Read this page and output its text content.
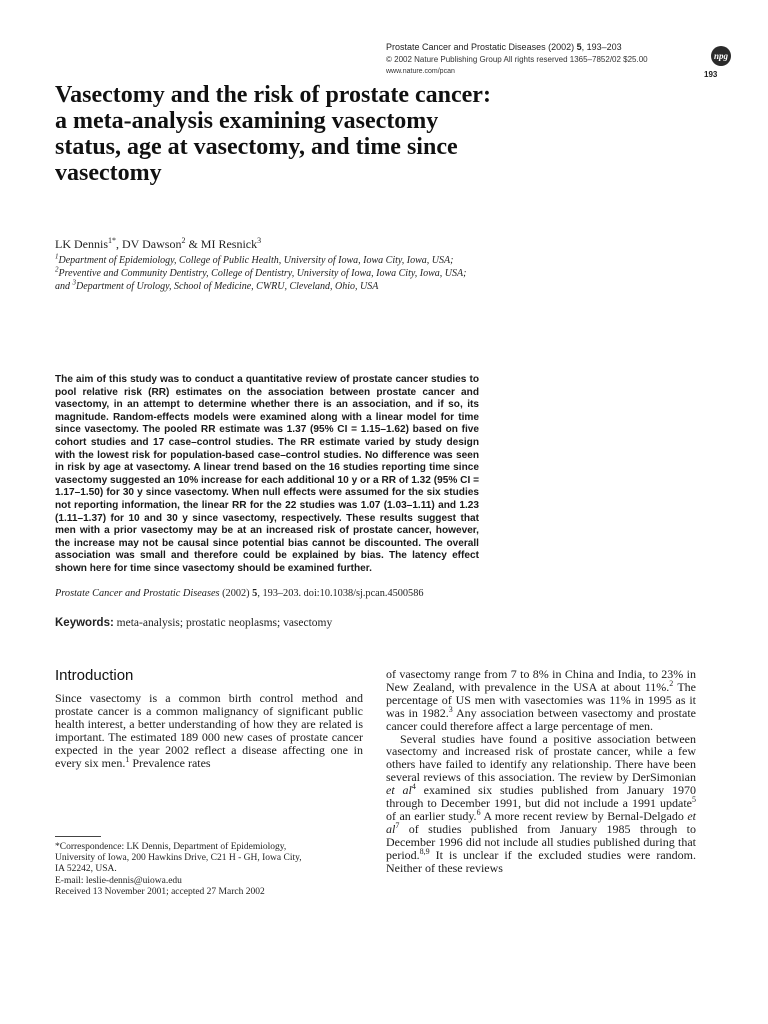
Prostate Cancer and Prostatic Diseases (2002) 5, 193–203
© 2002 Nature Publishing Group All rights reserved 1365–7852/02 $25.00
www.nature.com/pcan
npg
193
Vasectomy and the risk of prostate cancer: a meta-analysis examining vasectomy status, age at vasectomy, and time since vasectomy
LK Dennis$^{1*}$, DV Dawson$^2$ & MI Resnick$^3$
$^1$Department of Epidemiology, College of Public Health, University of Iowa, Iowa City, Iowa, USA; $^2$Preventive and Community Dentistry, College of Dentistry, University of Iowa, Iowa City, Iowa, USA; and $^3$Department of Urology, School of Medicine, CWRU, Cleveland, Ohio, USA
The aim of this study was to conduct a quantitative review of prostate cancer studies to pool relative risk (RR) estimates on the association between prostate cancer and vasectomy, in an attempt to determine whether there is an association, and if so, its magnitude. Random-effects models were examined along with a linear model for time since vasectomy. The pooled RR estimate was 1.37 (95% CI = 1.15–1.62) based on five cohort studies and 17 case–control studies. The RR estimate varied by study design with the lowest risk for population-based case–control studies. No difference was seen in risk by age at vasectomy. A linear trend based on the 16 studies reporting time since vasectomy suggested an 10% increase for each additional 10 y or a RR of 1.32 (95% CI = 1.17–1.50) for 30 y since vasectomy. When null effects were assumed for the six studies not reporting information, the linear RR for the 22 studies was 1.07 (1.03–1.11) and 1.23 (1.11–1.37) for 10 and 30 y since vasectomy, respectively. These results suggest that men with a prior vasectomy may be at an increased risk of prostate cancer, however, the increase may not be causal since potential bias cannot be discounted. The overall association was small and therefore could be explained by bias. The latency effect shown here for time since vasectomy should be examined further.
Prostate Cancer and Prostatic Diseases (2002) 5, 193–203. doi:10.1038/sj.pcan.4500586
Keywords: meta-analysis; prostatic neoplasms; vasectomy
Introduction

Since vasectomy is a common birth control method and prostate cancer is a common malignancy of significant public health interest, a better understanding of how they are related is important. The estimated 189 000 new cases of prostate cancer expected in the year 2002 reflect a disease affecting one in every six men.$^1$ Prevalence rates

of vasectomy range from 7 to 8% in China and India, to 23% in New Zealand, with prevalence in the USA at about 11%.$^2$ The percentage of US men with vasectomies was 11% in 1995 as it was in 1982.$^3$ Any association between vasectomy and prostate cancer could therefore affect a large percentage of men.

Several studies have found a positive association between vasectomy and increased risk of prostate cancer, while a few others have failed to identify any relationship. There have been several reviews of this association. The review by DerSimonian et $al^4$ examined six studies published from January 1970 through to December 1991, but did not include a 1991 update$^5$ of an earlier study.$^6$ A more recent review by Bernal-Delgado et $al^7$ of studies published from January 1985 through to December 1996 did not include all studies published during that period.$^{8,9}$ It is unclear if the excluded studies were random. Neither of these reviews

*Correspondence: LK Dennis, Department of Epidemiology,
University of Iowa, 200 Hawkins Drive, C21 H - GH, Iowa City,
IA 52242, USA.
E-mail: leslie-dennis@uiowa.edu
Received 13 November 2001; accepted 27 March 2002
